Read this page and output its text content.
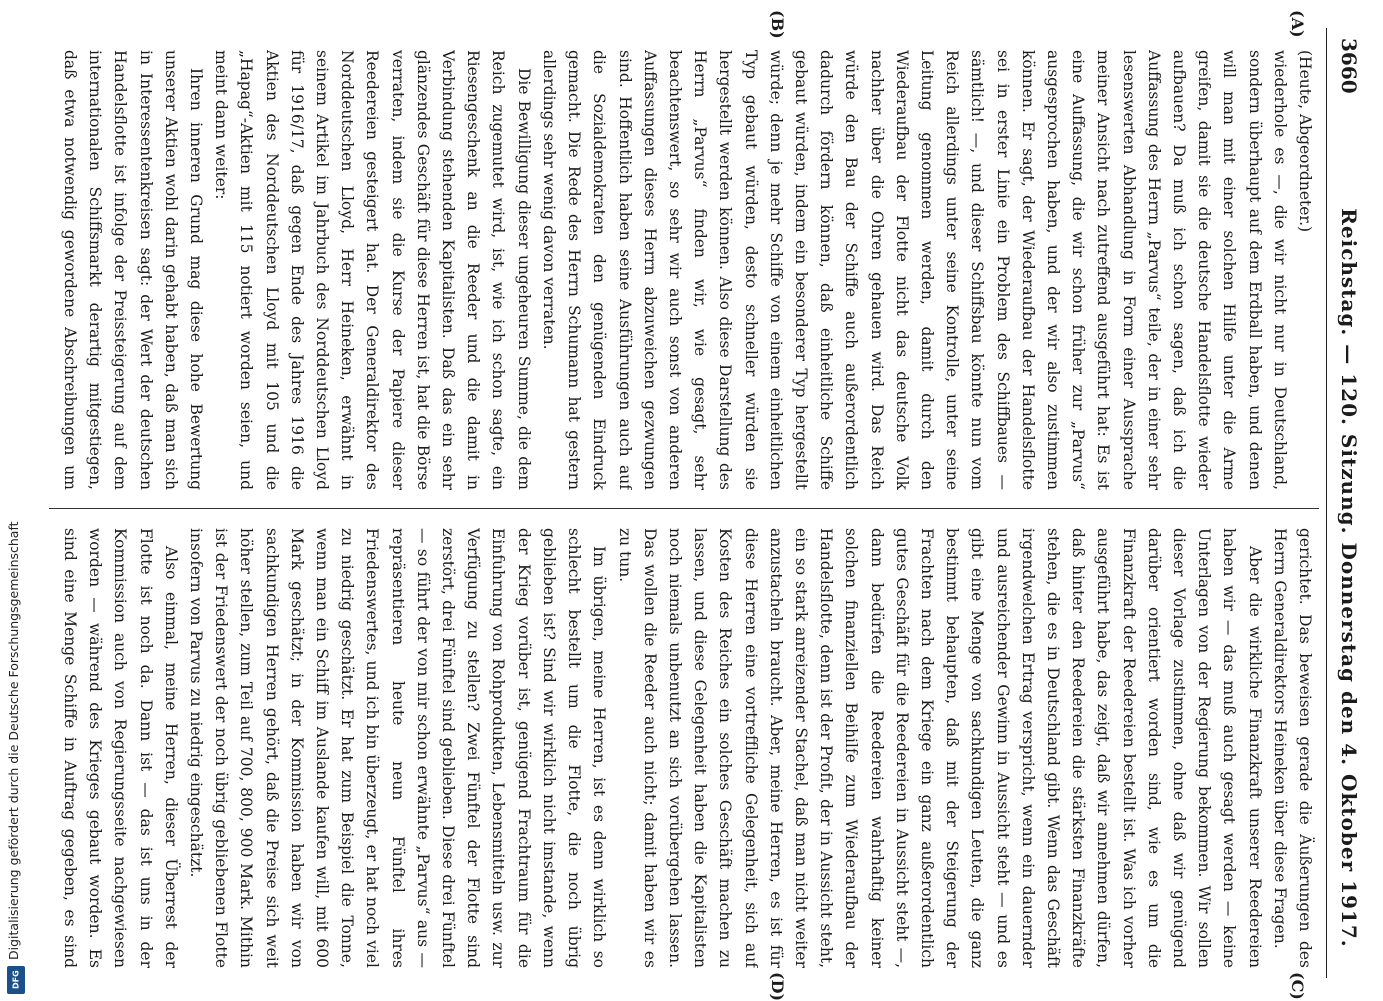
Digitalisierung gefördert durch die Deutsche Forschungsgemeinschaft
DFG
3660
Reichstag. — 120. Sitzung. Donnerstag den 4. Oktober 1917.
(A)
(B)
(C)
(D)

(Heute, Abgeordneter.)

wiederhole es —, die wir nicht nur in Deutschland, sondern überhaupt auf dem Erdball haben, und denen will man mit einer solchen Hilfe unter die Arme greifen, damit sie die deutsche Handelsflotte wieder aufbauen? Da muß ich schon sagen, daß ich die Auffassung des Herrn „Parvus“ teile, der in einer sehr lesenswerten Abhandlung in Form einer Aussprache meiner Ansicht nach zutreffend ausgeführt hat: Es ist eine Auffassung, die wir schon früher zur „Parvus“ ausgesprochen haben, und der wir also zustimmen können. Er sagt, der Wiederaufbau der Handelsflotte sei in erster Linie ein Problem des Schiffbaues — sämtlich! —, und dieser Schiffsbau könnte nun vom Reich allerdings unter seine Kontrolle, unter seine Leitung genommen werden, damit durch den Wiederaufbau der Flotte nicht das deutsche Volk nachher über die Ohren gehauen wird. Das Reich würde den Bau der Schiffe auch außerordentlich dadurch fördern können, daß einheitliche Schiffe gebaut würden, indem ein besonderer Typ hergestellt würde; denn je mehr Schiffe von einem einheitlichen Typ gebaut würden, desto schneller würden sie hergestellt werden können. Also diese Darstellung des Herrn „Parvus“ finden wir, wie gesagt, sehr beachtenswert, so sehr wir auch sonst von anderen Auffassungen dieses Herrn abzuweichen gezwungen sind. Hoffentlich haben seine Ausführungen auch auf die Sozialdemokraten den genügenden Eindruck gemacht. Die Rede des Herrn Schumann hat gestern allerdings sehr wenig davon verraten.

Die Bewilligung dieser ungeheuren Summe, die dem Reich zugemutet wird, ist, wie ich schon sagte, ein Riesengeschenk an die Reeder und die damit in Verbindung stehenden Kapitalisten. Daß das ein sehr glänzendes Geschäft für diese Herren ist, hat die Börse verraten, indem sie die Kurse der Papiere dieser Reedereien gesteigert hat. Der Generaldirektor des Norddeutschen Lloyd, Herr Heineken, erwähnt in seinem Artikel im Jahrbuch des Norddeutschen Lloyd für 1916/17, daß gegen Ende des Jahres 1916 die Aktien des Norddeutschen Lloyd mit 105 und die „Hapag“-Aktien mit 115 notiert worden seien, und meint dann weiter:

Ihren inneren Grund mag diese hohe Bewertung unserer Aktien wohl darin gehabt haben, daß man sich in Interessentenkreisen sagt: der Wert der deutschen Handelsflotte ist infolge der Preissteigerung auf dem internationalen Schiffsmarkt derartig mitgestiegen, daß etwa notwendig gewordene Abschreibungen um

gerichtet. Das beweisen gerade die Äußerungen des Herrn Generaldirektors Heineken über diese Fragen.

Aber die wirkliche Finanzkraft unserer Reedereien haben wir — das muß auch gesagt werden — keine Unterlagen von der Regierung bekommen. Wir sollen dieser Vorlage zustimmen, ohne daß wir genügend darüber orientiert worden sind, wie es um die Finanzkraft der Reedereien bestellt ist. Was ich vorher ausgeführt habe, das zeigt, daß wir annehmen dürfen, daß hinter den Reedereien die stärksten Finanzkräfte stehen, die es in Deutschland gibt. Wenn das Geschäft irgendwelchen Ertrag verspricht, wenn ein dauernder und ausreichender Gewinn in Aussicht steht — und es gibt eine Menge von sachkundigen Leuten, die ganz bestimmt behaupten, daß mit der Steigerung der Frachten nach dem Kriege ein ganz außerordentlich gutes Geschäft für die Reedereien in Aussicht steht —, dann bedürfen die Reedereien wahrhaftig keiner solchen finanziellen Beihilfe zum Wiederaufbau der Handelsflotte, denn ist der Profit, der in Aussicht steht, ein so stark anreizender Stachel, daß man nicht weiter anzustacheln braucht. Aber, meine Herren, es ist für diese Herren eine vortreffliche Gelegenheit, sich auf Kosten des Reiches ein solches Geschäft machen zu lassen, und diese Gelegenheit haben die Kapitalisten noch niemals unbenutzt an sich vorübergehen lassen. Das wollen die Reeder auch nicht; damit haben wir es zu tun.

Im übrigen, meine Herren, ist es denn wirklich so schlecht bestellt um die Flotte, die noch übrig geblieben ist? Sind wir wirklich nicht imstande, wenn der Krieg vorüber ist, genügend Frachtraum für die Einfuhrung von Rohprodukten, Lebensmitteln usw. zur Verfügung zu stellen? Zwei Fünftel der Flotte sind zerstört, drei Fünftel sind geblieben. Diese drei Fünftel — so führt der von mir schon erwähnte „Parvus“ aus — repräsentieren heute neun Fünftel ihres Friedenswertes, und ich bin überzeugt, er hat noch viel zu niedrig geschätzt. Er hat zum Beispiel die Tonne, wenn man ein Schiff im Auslande kaufen will, mit 600 Mark geschätzt; in der Kommission haben wir von sachkundigen Herren gehört, daß die Preise sich weit höher stellen, zum Teil auf 700, 800, 900 Mark. Mithin ist der Friedenswert der noch übrig gebliebenen Flotte insofern von Parvus zu niedrig eingeschätzt.

Also einmal, meine Herren, dieser Überrest der Flotte ist noch da. Dann ist — das ist uns in der Kommission auch von Regierungsseite nachgewiesen worden — während des Krieges gebaut worden. Es sind eine Menge Schiffe in Auftrag gegeben, es sind
